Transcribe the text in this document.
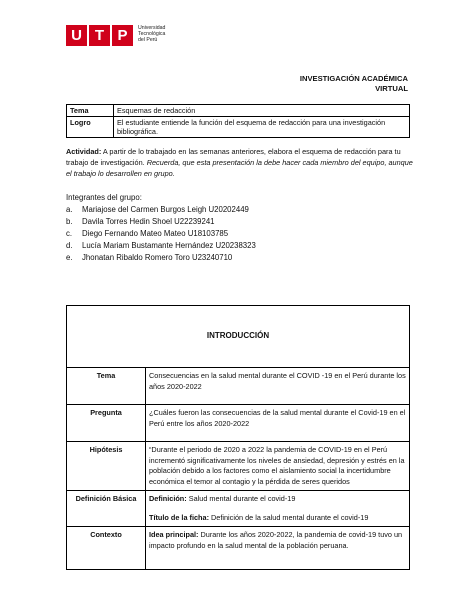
U T P Universidad
Tecnológica
del Perú
INVESTIGACIÓN ACADÉMICA
VIRTUAL
Tema	Esquemas de redacción
Logro	El estudiante entiende la función del esquema de redacción para una investigación bibliográfica.
Actividad: A partir de lo trabajado en las semanas anteriores, elabora el esquema de redacción para tu trabajo de investigación. Recuerda, que esta presentación la debe hacer cada miembro del equipo, aunque el trabajo lo desarrollen en grupo.
Integrantes del grupo:
a. Mariajose del Carmen Burgos Leigh U20202449
b. Davila Torres Hedin Shoel U22239241
c. Diego Fernando Mateo Mateo U18103785
d. Lucía Mariam Bustamante Hernández U20238323
e. Jhonatan Ribaldo Romero Toro U23240710
INTRODUCCIÓN	
Tema	Consecuencias en la salud mental durante el COVID -19 en el Perú durante los años 2020-2022
Pregunta	¿Cuáles fueron las consecuencias de la salud mental durante el Covid-19 en el Perú entre los años 2020-2022
Hipótesis	“Durante el periodo de 2020 a 2022 la pandemia de COVID-19 en el Perú incrementó significativamente los niveles de ansiedad, depresión y estrés en la población debido a los factores como el aislamiento social la incertidumbre económica el temor al contagio y la pérdida de seres queridos
Definición Básica	Definición: Salud mental durante el covid-19
Título de la ficha: Definición de la salud mental durante el covid-19

Contexto	Idea principal: Durante los años 2020-2022, la pandemia de covid-19 tuvo un impacto profundo en la salud mental de la población peruana.
